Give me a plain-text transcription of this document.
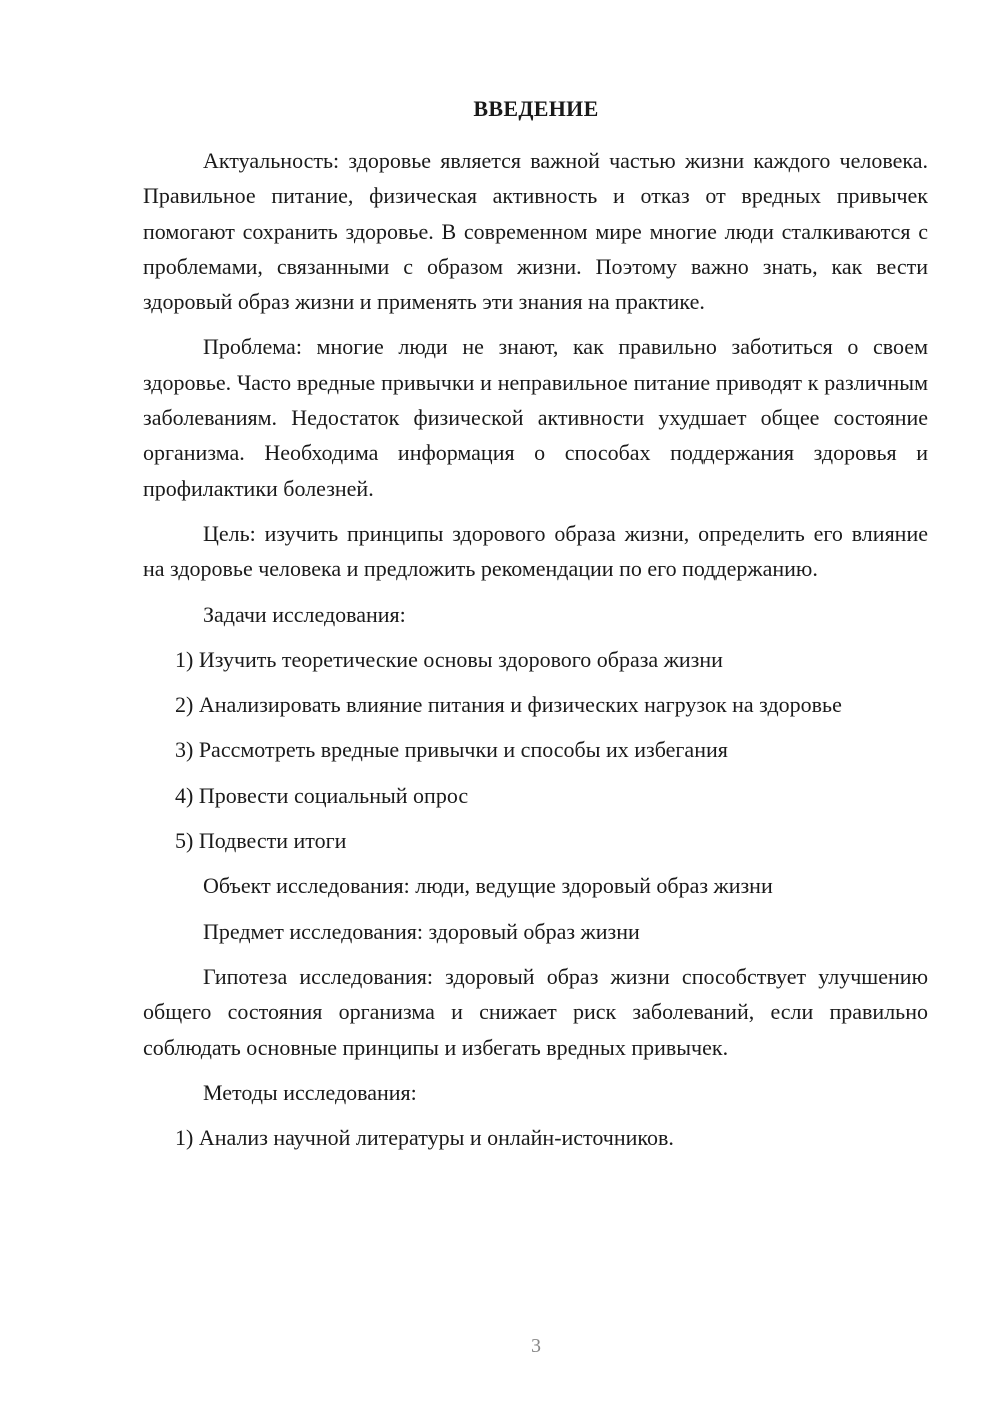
ВВЕДЕНИЕ

Актуальность: здоровье является важной частью жизни каждого человека. Правильное питание, физическая активность и отказ от вредных привычек помогают сохранить здоровье. В современном мире многие люди сталкиваются с проблемами, связанными с образом жизни. Поэтому важно знать, как вести здоровый образ жизни и применять эти знания на практике.

Проблема: многие люди не знают, как правильно заботиться о своем здоровье. Часто вредные привычки и неправильное питание приводят к различным заболеваниям. Недостаток физической активности ухудшает общее состояние организма. Необходима информация о способах поддержания здоровья и профилактики болезней.

Цель: изучить принципы здорового образа жизни, определить его влияние на здоровье человека и предложить рекомендации по его поддержанию.

Задачи исследования:

1) Изучить теоретические основы здорового образа жизни

2) Анализировать влияние питания и физических нагрузок на здоровье

3) Рассмотреть вредные привычки и способы их избегания

4) Провести социальный опрос

5) Подвести итоги

Объект исследования: люди, ведущие здоровый образ жизни

Предмет исследования: здоровый образ жизни

Гипотеза исследования: здоровый образ жизни способствует улучшению общего состояния организма и снижает риск заболеваний, если правильно соблюдать основные принципы и избегать вредных привычек.

Методы исследования:

1) Анализ научной литературы и онлайн-источников.

3
